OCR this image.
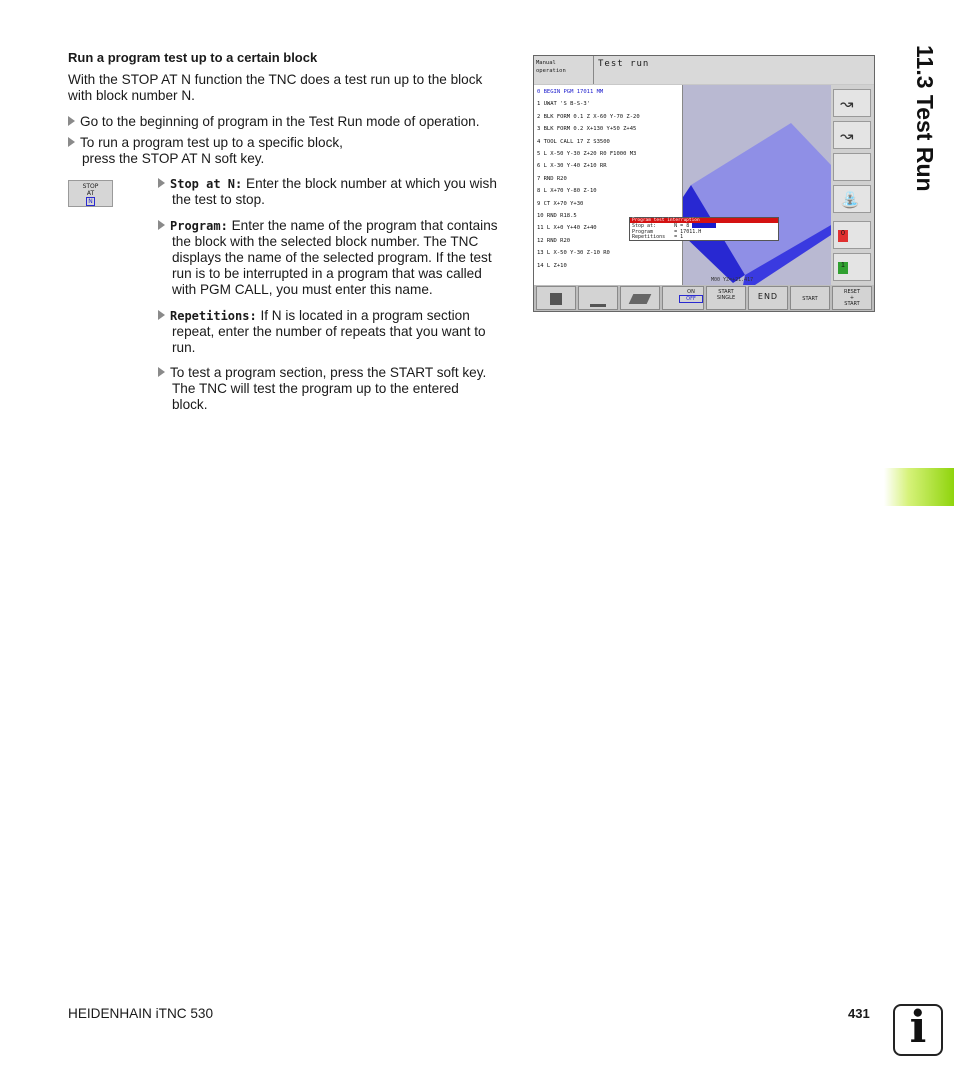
Run a program test up to a certain block
With the STOP AT N function the TNC does a test run up to the block
with block number N.
Go to the beginning of program in the Test Run mode of operation.
To run a program test up to a specific block,
press the STOP AT N soft key.
STOP
AT
N
Stop at N: Enter the block number at which you wish
the test to stop.
Program: Enter the name of the program that contains
the block with the selected block number. The TNC
displays the name of the selected program. If the test
run is to be interrupted in a program that was called
with PGM CALL, you must enter this name.
Repetitions: If N is located in a program section
repeat, enter the number of repeats that you want to
run.
To test a program section, press the START soft key.
The TNC will test the program up to the entered
block.
Manual
operation
Test run
0 BEGIN PGM 17011 MM
1 UWAT 'S B-S-3'
2 BLK FORM 0.1 Z X-60 Y-70 Z-20
3 BLK FORM 0.2 X+130 Y+50 Z+45
4 TOOL CALL 17 Z S3500
5 L X-50 Y-30 Z+20 R0 F1000 M3
6 L X-30 Y-40 Z+10 RR
7 RND R20
8 L X+70 Y-80 Z-10
9 CT X+70 Y+30
10 RND R18.5
11 L X+0 Y+40 Z+40
12 RND R20
13 L X-50 Y-30 Z-10 R0
14 L Z+10
M00 YZ=+21.417
↝
↝
⛲
0
1
Program test interruption
Stop at:	N = 8
Program	= 17011.H
Repetitions = 1
ON
OFF
START
SINGLE	END	START
RESET
+
START
11.3 Test Run
HEIDENHAIN iTNC 530	431 i
